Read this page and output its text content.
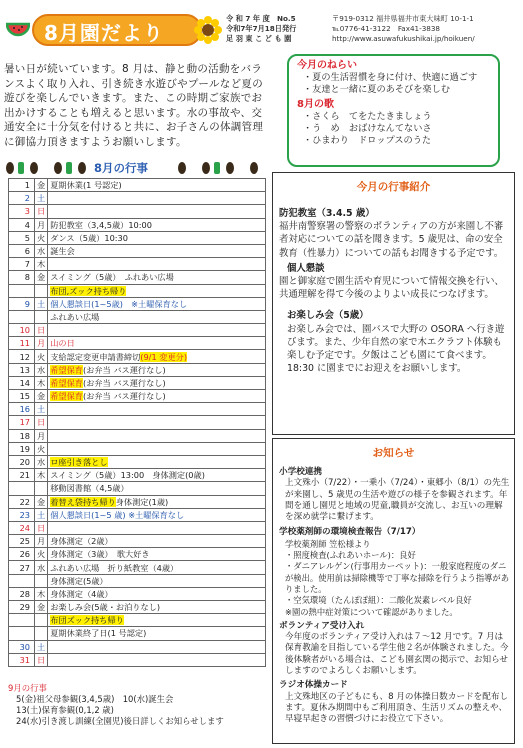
8月園だより
令 和 7 年 度　No.5
令和7年7月18日発行
足 羽 東 こ ど も 園
〒919-0312 福井県福井市東大味町 10-1-1
℡0776-41-3122　Fax41-3838
http://www.asuwafukushikai.jp/hoikuen/
暑い日が続いています。8 月は、静と動の活動をバランスよく取り入れ、引き続き水遊びやプールなど夏の遊びを楽しんでいきます。また、この時期ご家族でお出かけすることも増えると思います。水の事故や、交通安全に十分気を付けると共に、お子さんの体調管理に御協力頂きますようお願いします。
今月のねらい
・夏の生活習慣を身に付け、快適に過ごす
・友達と一緒に夏のあそびを楽しむ
8月の歌
・さくら　てをたたきましょう
・う　め　おばけなんてないさ
・ひまわり　ドロップスのうた
8月の行事
1	金	夏期休業(1 号認定)
2	土	
3	日	
4	月	防犯教室（3,4,5歳）10:00
5	火	ダンス（5歳）10:30
6	水	誕生会
7	木	
8	金	スイミング（5歳）　ふれあい広場
		布団,ズック持ち帰り
9	土	個人懇談日(1~5歳)　※土曜保育なし
		ふれあい広場
10	日	
11	月	山の日
12	火	支給認定変更申請書締切(9/1 変更分)
13	水	希望保育(お弁当 バス運行なし)
14	木	希望保育(お弁当 バス運行なし)
15	金	希望保育(お弁当 バス運行なし)
16	土	
17	日	
18	月	
19	火	
20	水	ロ座引き落とし
21	木	スイミング（5歳）13:00　身体測定(0歳)
		移動図書館（4,5歳）
22	金	着替え袋持ち帰り身体測定(1歳)
23	土	個人懇談日(1~5 歳) ※土曜保育なし
24	日	
25	月	身体測定（2歳）
26	火	身体測定（3歳）　歌大好き
27	水	ふれあい広場　折り紙教室（4歳）
		身体測定(5歳）
28	木	身体測定（4歳）
29	金	お楽しみ会(5歳・お泊りなし)
		布団ズック持ち帰り
		夏期休業終了日(1 号認定)
30	土	
31	日	
9月の行事
5(金)祖父母参観(3,4,5歳)　10(水)誕生会
13(土)保育参観(0,1,2 歳)
24(水)引き渡し訓練(全園児)後日詳しくお知らせします
今月の行事紹介
防犯教室（3.4.5 歳）
福井南警察署の警察のボランティアの方が来園し不審者対応についての話を聞きます。5 歳児は、命の安全教育（性暴力）についての話もお聞きする予定です。
個人懇談
園と御家庭で園生活や育児について情報交換を行い、共通理解を得て今後のよりよい成長につなげます。
お楽しみ会（5歳）
お楽しみ会では、園バスで大野の OSORA へ行き遊びます。また、少年自然の家で木エクラフト体験も楽しむ予定です。夕飯はこども園にて食べます。18:30 に園までにお迎えをお願いします。
お知らせ
小学校連携
上文殊小（7/22）・一乗小（7/24）・東郷小（8/1）の先生が来園し、5 歳児の生活や遊びの様子を参観されます。年間を通し園児と地域の児童,職員が交流し、お互いの理解を深め就学に繋げます。
学校薬剤師の環境検査報告（7/17）
学校薬剤師 笠松様より
・照度検査(ふれあいホール)：良好
・ダニアレルゲン(行事用カーペット)：一般家庭程度のダニが検出。使用前は掃除機等で丁寧な掃除を行うよう指導がありました。
・空気環境（たんぽぽ組）：二酸化炭素レベル良好
※園の熱中症対策について確認がありました。
ボランティア受け入れ
今年度のボランティア受け入れは７～12 月です。7 月は保育教諭を目指している学生他２名が体験されました。今後体験者がいる場合は、こども園玄関の掲示で、お知らせしますのでよろしくお願いします。
ラジオ体操カード
上文殊地区の子どもにも、8 月の体操日数カードを配布します。夏休み期間中もご利用頂き、生活リズムの整えや、早寝早起きの習慣づけにお役立て下さい。
